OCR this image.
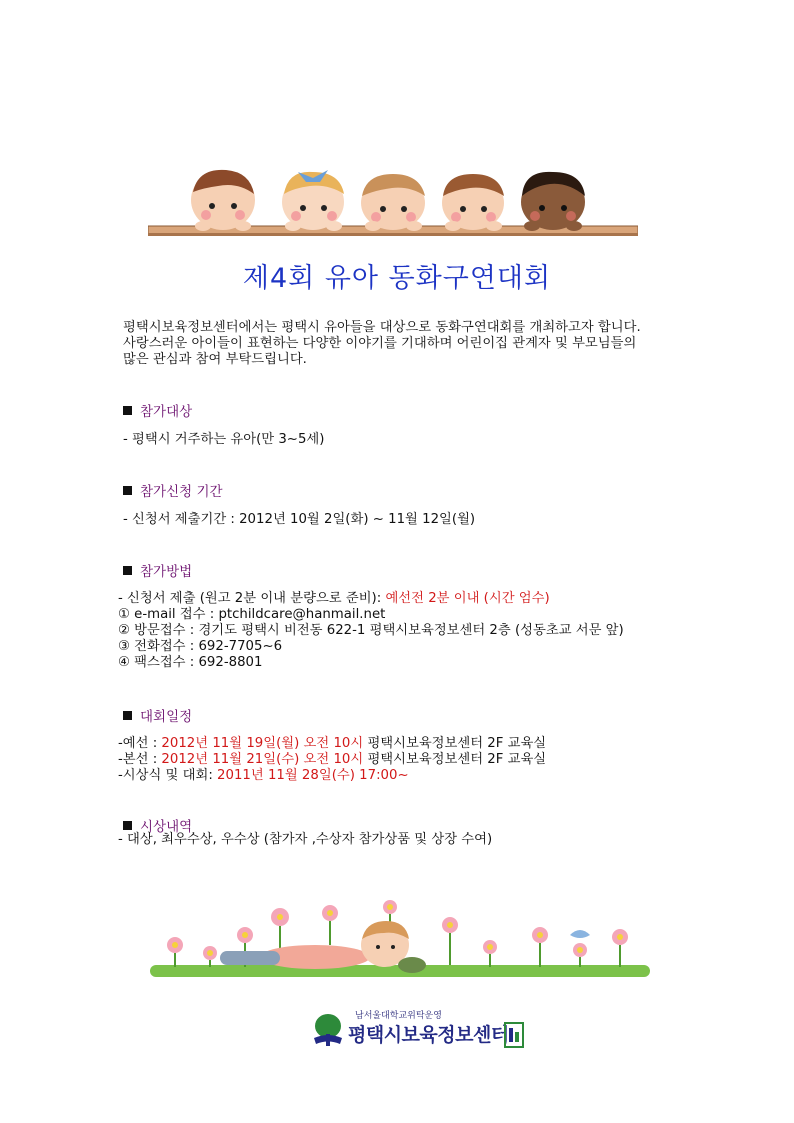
제4회 유아 동화구연대회
평택시보육정보센터에서는 평택시 유아들을 대상으로 동화구연대회를 개최하고자 합니다.
사랑스러운 아이들이 표현하는 다양한 이야기를 기대하며 어린이집 관계자 및 부모님들의
많은 관심과 참여 부탁드립니다.
참가대상
- 평택시 거주하는 유아(만 3~5세)
참가신청 기간
- 신청서 제출기간 : 2012년 10월 2일(화) ~ 11월 12일(월)
참가방법
- 신청서 제출 (원고 2분 이내 분량으로 준비): 예선전 2분 이내 (시간 엄수)
① e-mail 접수 : ptchildcare@hanmail.net
② 방문접수 : 경기도 평택시 비전동 622-1 평택시보육정보센터 2층 (성동초교 서문 앞)
③ 전화접수 : 692-7705~6
④ 팩스접수 : 692-8801
대회일정
-예선 : 2012년 11월 19일(월) 오전 10시 평택시보육정보센터 2F 교육실
-본선 : 2012년 11월 21일(수) 오전 10시 평택시보육정보센터 2F 교육실
-시상식 및 대회: 2011년 11월 28일(수) 17:00~
시상내역
- 대상, 최우수상, 우수상 (참가자 ,수상자 참가상품 및 상장 수여)
남서울대학교위탁운영
평택시보육정보센터
